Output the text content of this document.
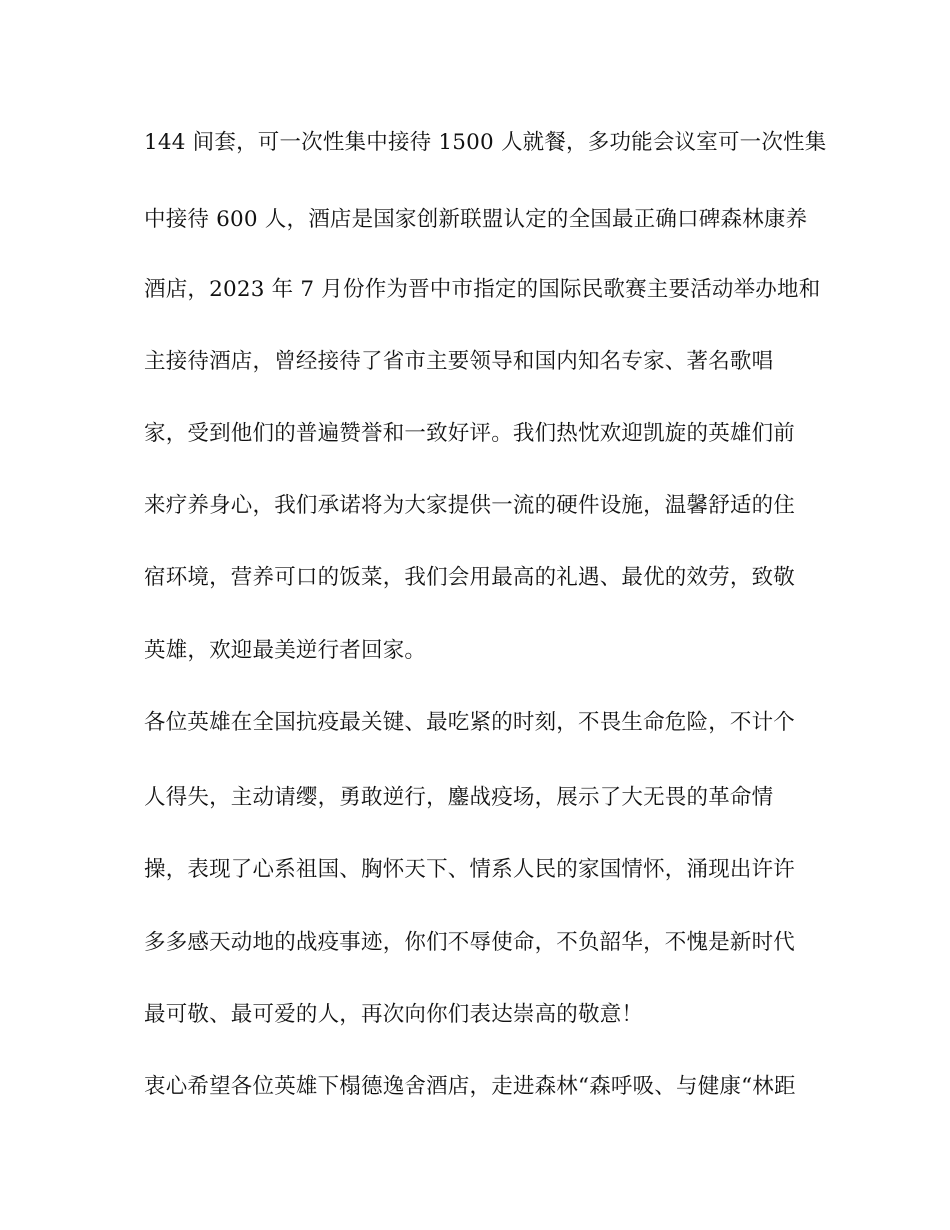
144 间套，可一次性集中接待 1500 人就餐，多功能会议室可一次性集
中接待 600 人，酒店是国家创新联盟认定的全国最正确口碑森林康养
酒店，2023 年 7 月份作为晋中市指定的国际民歌赛主要活动举办地和
主接待酒店，曾经接待了省市主要领导和国内知名专家、著名歌唱
家，受到他们的普遍赞誉和一致好评。我们热忱欢迎凯旋的英雄们前
来疗养身心，我们承诺将为大家提供一流的硬件设施，温馨舒适的住
宿环境，营养可口的饭菜，我们会用最高的礼遇、最优的效劳，致敬
英雄，欢迎最美逆行者回家。
各位英雄在全国抗疫最关键、最吃紧的时刻，不畏生命危险，不计个
人得失，主动请缨，勇敢逆行，鏖战疫场，展示了大无畏的革命情
操，表现了心系祖国、胸怀天下、情系人民的家国情怀，涌现出许许
多多感天动地的战疫事迹，你们不辱使命，不负韶华，不愧是新时代
最可敬、最可爱的人，再次向你们表达崇高的敬意！
衷心希望各位英雄下榻德逸舍酒店，走进森林“森呼吸、与健康“林距
